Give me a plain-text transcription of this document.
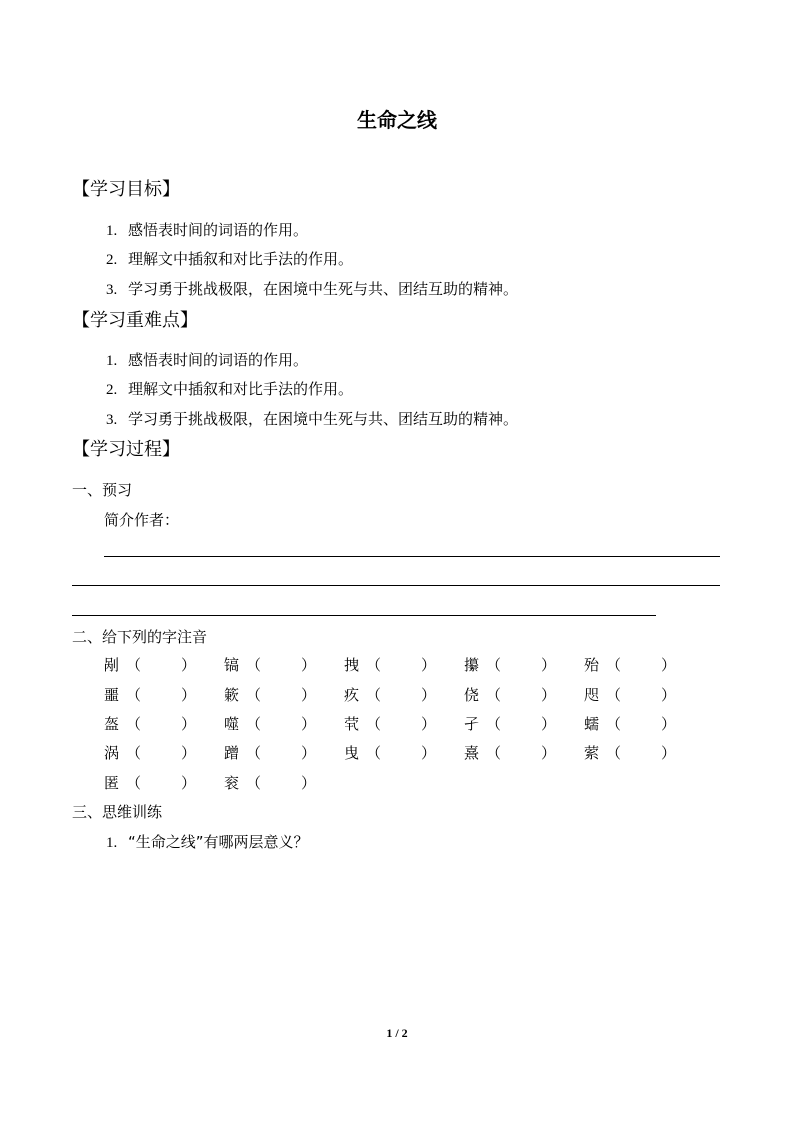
生命之线
【学习目标】
1. 感悟表时间的词语的作用。
2. 理解文中插叙和对比手法的作用。
3. 学习勇于挑战极限，在困境中生死与共、团结互助的精神。
【学习重难点】
1. 感悟表时间的词语的作用。
2. 理解文中插叙和对比手法的作用。
3. 学习勇于挑战极限，在困境中生死与共、团结互助的精神。
【学习过程】
一、预习
简介作者：
二、给下列的字注音
剐 （	） 镐 （	） 拽 （	） 攥 （	） 殆 （	）
噩 （	） 簌 （	） 疚 （	） 侥 （	） 咫 （	）
盔 （	） 噬 （	） 茕 （	） 孑 （	） 蠕 （	）
涡 （	） 蹭 （	） 曳 （	） 熹 （	） 萦 （	）
匿 （	） 衮 （	）
三、思维训练
1. “生命之线”有哪两层意义？
1 / 2
